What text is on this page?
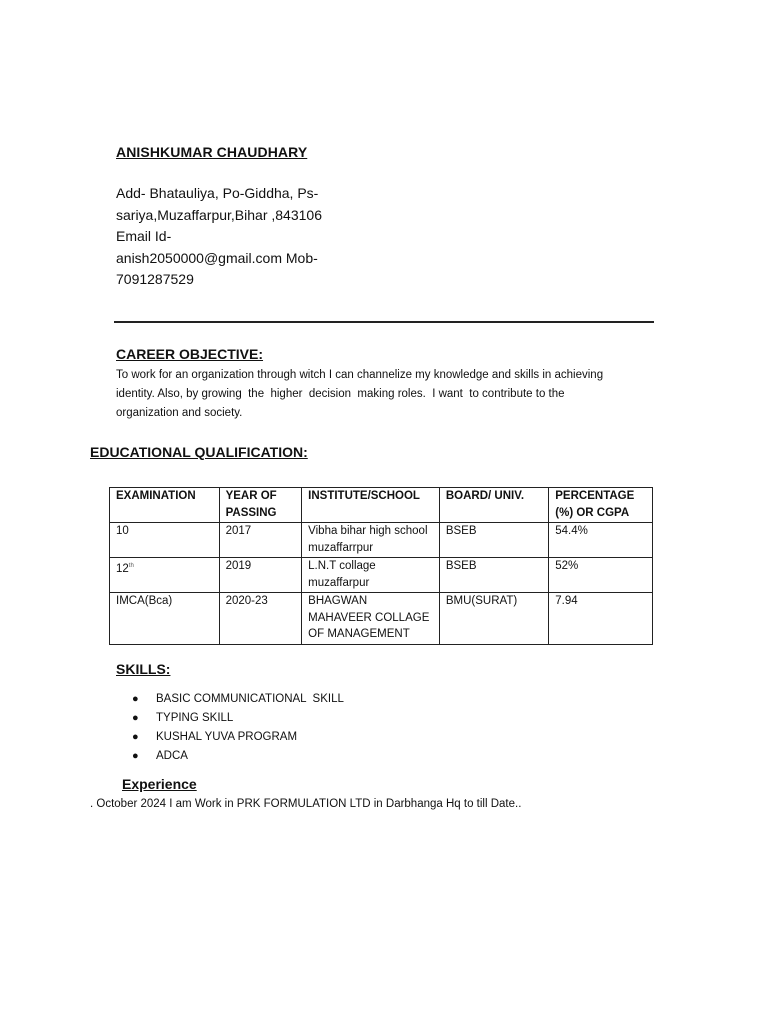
ANISHKUMAR CHAUDHARY
Add- Bhatauliya, Po-Giddha, Ps-
sariya,Muzaffarpur,Bihar ,843106
Email Id-
anish2050000@gmail.com Mob-
7091287529
CAREER OBJECTIVE:
To work for an organization through witch I can channelize my knowledge and skills in achieving
identity. Also, by growing  the  higher  decision  making roles.  I want  to contribute to the
organization and society.
EDUCATIONAL QUALIFICATION:
EXAMINATION	YEAR OF PASSING	INSTITUTE/SCHOOL	BOARD/ UNIV.	PERCENTAGE (%) OR CGPA
10	2017	Vibha bihar high school muzaffarrpur	BSEB	54.4%
12th	2019	L.N.T collage muzaffarpur	BSEB	52%
IMCA(Bca)	2020-23	BHAGWAN MAHAVEER COLLAGE OF MANAGEMENT	BMU(SURAT)	7.94
SKILLS:
● BASIC COMMUNICATIONAL  SKILL
● TYPING SKILL
● KUSHAL YUVA PROGRAM
● ADCA
Experience
. October 2024 I am Work in PRK FORMULATION LTD in Darbhanga Hq to till Date..
